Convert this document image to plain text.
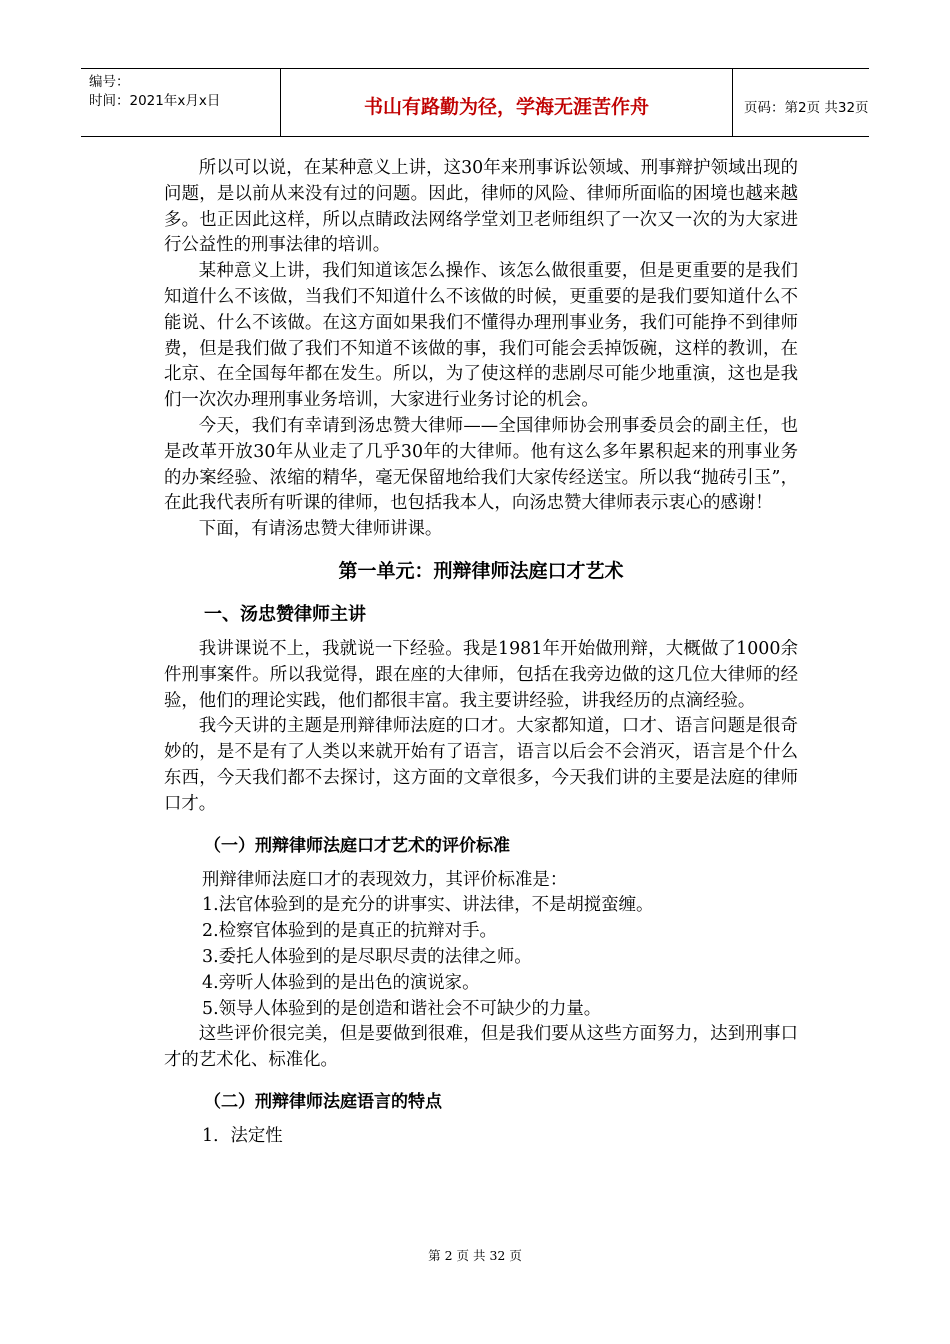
编号：
时间：2021年x月x日	书山有路勤为径，学海无涯苦作舟	页码：第2页 共32页

所以可以说，在某种意义上讲，这30年来刑事诉讼领域、刑事辩护领域出现的问题，是以前从来没有过的问题。因此，律师的风险、律师所面临的困境也越来越多。也正因此这样，所以点睛政法网络学堂刘卫老师组织了一次又一次的为大家进行公益性的刑事法律的培训。

某种意义上讲，我们知道该怎么操作、该怎么做很重要，但是更重要的是我们知道什么不该做，当我们不知道什么不该做的时候，更重要的是我们要知道什么不能说、什么不该做。在这方面如果我们不懂得办理刑事业务，我们可能挣不到律师费，但是我们做了我们不知道不该做的事，我们可能会丢掉饭碗，这样的教训，在北京、在全国每年都在发生。所以，为了使这样的悲剧尽可能少地重演，这也是我们一次次办理刑事业务培训，大家进行业务讨论的机会。

今天，我们有幸请到汤忠赞大律师——全国律师协会刑事委员会的副主任，也是改革开放30年从业走了几乎30年的大律师。他有这么多年累积起来的刑事业务的办案经验、浓缩的精华，毫无保留地给我们大家传经送宝。所以我“抛砖引玉”，在此我代表所有听课的律师，也包括我本人，向汤忠赞大律师表示衷心的感谢！

下面，有请汤忠赞大律师讲课。

第一单元：刑辩律师法庭口才艺术
一、汤忠赞律师主讲

我讲课说不上，我就说一下经验。我是1981年开始做刑辩，大概做了1000余件刑事案件。所以我觉得，跟在座的大律师，包括在我旁边做的这几位大律师的经验，他们的理论实践，他们都很丰富。我主要讲经验，讲我经历的点滴经验。

我今天讲的主题是刑辩律师法庭的口才。大家都知道，口才、语言问题是很奇妙的，是不是有了人类以来就开始有了语言，语言以后会不会消灭，语言是个什么东西，今天我们都不去探讨，这方面的文章很多，今天我们讲的主要是法庭的律师口才。

（一）刑辩律师法庭口才艺术的评价标准

刑辩律师法庭口才的表现效力，其评价标准是：

1.法官体验到的是充分的讲事实、讲法律，不是胡搅蛮缠。

2.检察官体验到的是真正的抗辩对手。

3.委托人体验到的是尽职尽责的法律之师。

4.旁听人体验到的是出色的演说家。

5.领导人体验到的是创造和谐社会不可缺少的力量。

这些评价很完美，但是要做到很难，但是我们要从这些方面努力，达到刑事口才的艺术化、标准化。

（二）刑辩律师法庭语言的特点

1．法定性

第 2 页 共 32 页
